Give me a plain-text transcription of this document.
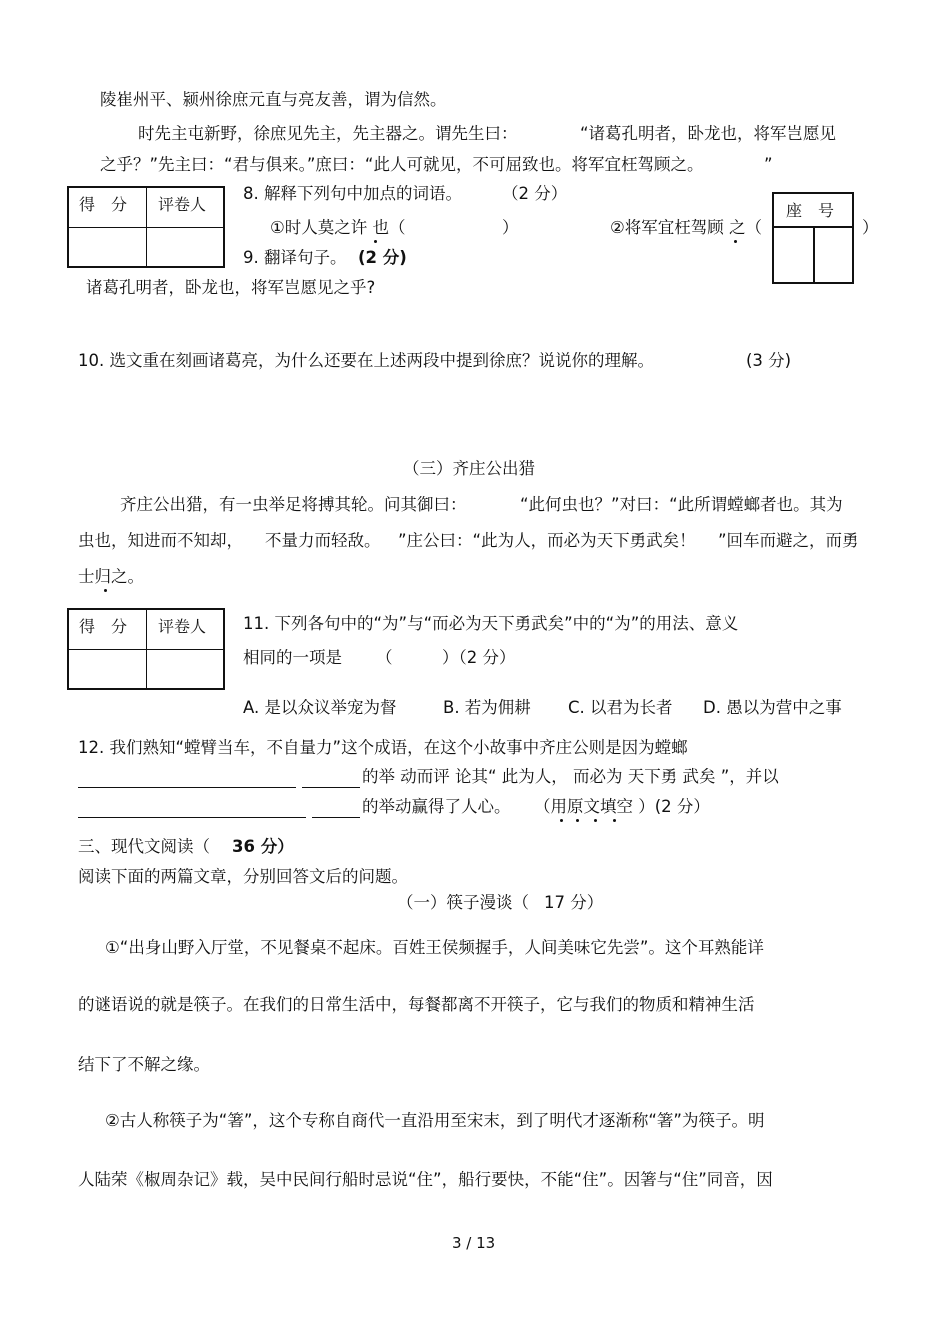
陵崔州平、颍州徐庶元直与亮友善，谓为信然。
时先主屯新野，徐庶见先主，先主器之。谓先生曰：	“诸葛孔明者，卧龙也，将军岂愿见
之乎？”先主曰：“君与俱来。”庶曰：“此人可就见，不可屈致也。将军宜枉驾顾之。	”
得　分 评卷人
8. 解释下列句中加点的词语。 （2 分）
①时人莫之许 也（	）	②将军宜枉驾顾 之（	）
座　号
9. 翻译句子。 (2 分)
诸葛孔明者，卧龙也，将军岂愿见之乎?
10. 选文重在刻画诸葛亮，为什么还要在上述两段中提到徐庶？说说你的理解。	(3 分)
（三）齐庄公出猎
齐庄公出猎，有一虫举足将搏其轮。问其御曰：	“此何虫也？”对曰：“此所谓螳螂者也。其为
虫也，知进而不知却， 不量力而轻敌。 ”庄公曰：“此为人，而必为天下勇武矣！ ”回车而避之，而勇
士归之。
得　分 评卷人 11. 下列各句中的“为”与“而必为天下勇武矣”中的“为”的用法、意义
相同的一项是 （　　　）（2 分）
A. 是以众议举宠为督	B. 若为佣耕 C. 以君为长者 D. 愚以为营中之事
12. 我们熟知“螳臂当车，不自量力”这个成语，在这个小故事中齐庄公则是因为螳螂
的举 动而评 论其“ 此为人， 而必为 天下勇 武矣 ”，并以
的举动赢得了人心。 （用原文填空 ）(2 分）
三、现代文阅读（ 36 分）
阅读下面的两篇文章，分别回答文后的问题。
（一）筷子漫谈（ 17 分）
①“出身山野入厅堂，不见餐桌不起床。百姓王侯频握手，人间美味它先尝”。这个耳熟能详
的谜语说的就是筷子。在我们的日常生活中，每餐都离不开筷子，它与我们的物质和精神生活
结下了不解之缘。
②古人称筷子为“箸”，这个专称自商代一直沿用至宋末，到了明代才逐渐称“箸”为筷子。明
人陆荣《椒周杂记》载，吴中民间行船时忌说“住”，船行要快，不能“住”。因箸与“住”同音，因
3 / 13
